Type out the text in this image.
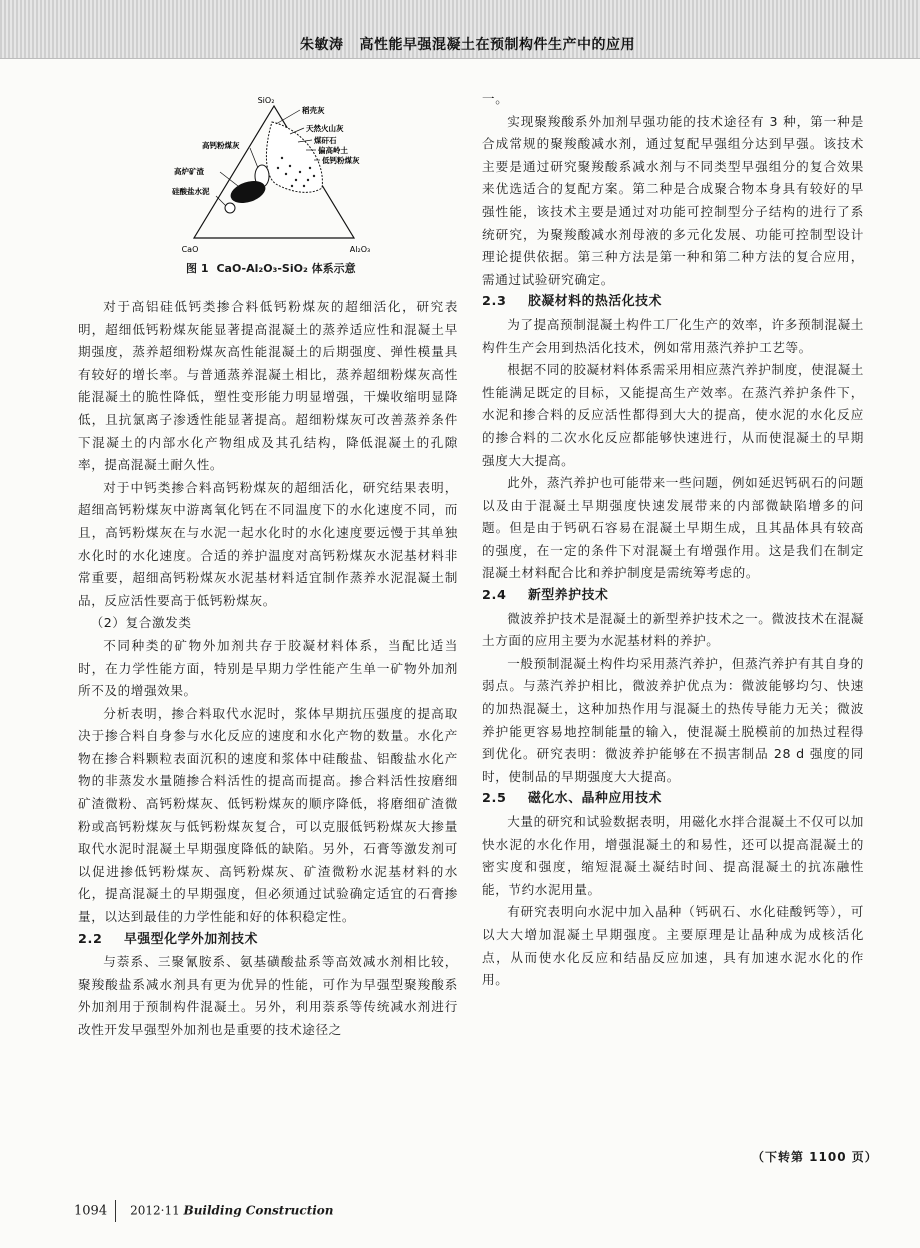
朱敏涛 高性能早强混凝土在预制构件生产中的应用
SiO₂
CaO	Al₂O₃
稻壳灰
天然火山灰
煤矸石
偏高岭土
低钙粉煤灰
高钙粉煤灰
高炉矿渣
硅酸盐水泥
图 1 CaO-Al₂O₃-SiO₂ 体系示意

对于高铝硅低钙类掺合料低钙粉煤灰的超细活化，研究表明，超细低钙粉煤灰能显著提高混凝土的蒸养适应性和混凝土早期强度，蒸养超细粉煤灰高性能混凝土的后期强度、弹性模量具有较好的增长率。与普通蒸养混凝土相比，蒸养超细粉煤灰高性能混凝土的脆性降低，塑性变形能力明显增强，干燥收缩明显降低，且抗氯离子渗透性能显著提高。超细粉煤灰可改善蒸养条件下混凝土的内部水化产物组成及其孔结构，降低混凝土的孔隙率，提高混凝土耐久性。

对于中钙类掺合料高钙粉煤灰的超细活化，研究结果表明，超细高钙粉煤灰中游离氧化钙在不同温度下的水化速度不同，而且，高钙粉煤灰在与水泥一起水化时的水化速度要远慢于其单独水化时的水化速度。合适的养护温度对高钙粉煤灰水泥基材料非常重要，超细高钙粉煤灰水泥基材料适宜制作蒸养水泥混凝土制品，反应活性要高于低钙粉煤灰。

（2）复合激发类

不同种类的矿物外加剂共存于胶凝材料体系，当配比适当时，在力学性能方面，特别是早期力学性能产生单一矿物外加剂所不及的增强效果。

分析表明，掺合料取代水泥时，浆体早期抗压强度的提高取决于掺合料自身参与水化反应的速度和水化产物的数量。水化产物在掺合料颗粒表面沉积的速度和浆体中硅酸盐、铝酸盐水化产物的非蒸发水量随掺合料活性的提高而提高。掺合料活性按磨细矿渣微粉、高钙粉煤灰、低钙粉煤灰的顺序降低，将磨细矿渣微粉或高钙粉煤灰与低钙粉煤灰复合，可以克服低钙粉煤灰大掺量取代水泥时混凝土早期强度降低的缺陷。另外，石膏等激发剂可以促进掺低钙粉煤灰、高钙粉煤灰、矿渣微粉水泥基材料的水化，提高混凝土的早期强度，但必须通过试验确定适宜的石膏掺量，以达到最佳的力学性能和好的体积稳定性。

2.2 早强型化学外加剂技术

与萘系、三聚氰胺系、氨基磺酸盐系等高效减水剂相比较，聚羧酸盐系减水剂具有更为优异的性能，可作为早强型聚羧酸系外加剂用于预制构件混凝土。另外，利用萘系等传统减水剂进行改性开发早强型外加剂也是重要的技术途径之

一。

实现聚羧酸系外加剂早强功能的技术途径有 3 种，第一种是合成常规的聚羧酸减水剂，通过复配早强组分达到早强。该技术主要是通过研究聚羧酸系减水剂与不同类型早强组分的复合效果来优选适合的复配方案。第二种是合成聚合物本身具有较好的早强性能，该技术主要是通过对功能可控制型分子结构的进行了系统研究，为聚羧酸减水剂母液的多元化发展、功能可控制型设计理论提供依据。第三种方法是第一种和第二种方法的复合应用，需通过试验研究确定。

2.3 胶凝材料的热活化技术

为了提高预制混凝土构件工厂化生产的效率，许多预制混凝土构件生产会用到热活化技术，例如常用蒸汽养护工艺等。

根据不同的胶凝材料体系需采用相应蒸汽养护制度，使混凝土性能满足既定的目标，又能提高生产效率。在蒸汽养护条件下，水泥和掺合料的反应活性都得到大大的提高，使水泥的水化反应的掺合料的二次水化反应都能够快速进行，从而使混凝土的早期强度大大提高。

此外，蒸汽养护也可能带来一些问题，例如延迟钙矾石的问题以及由于混凝土早期强度快速发展带来的内部微缺陷增多的问题。但是由于钙矾石容易在混凝土早期生成，且其晶体具有较高的强度，在一定的条件下对混凝土有增强作用。这是我们在制定混凝土材料配合比和养护制度是需统筹考虑的。

2.4 新型养护技术

微波养护技术是混凝土的新型养护技术之一。微波技术在混凝土方面的应用主要为水泥基材料的养护。

一般预制混凝土构件均采用蒸汽养护，但蒸汽养护有其自身的弱点。与蒸汽养护相比，微波养护优点为：微波能够均匀、快速的加热混凝土，这种加热作用与混凝土的热传导能力无关；微波养护能更容易地控制能量的输入，使混凝土脱模前的加热过程得到优化。研究表明：微波养护能够在不损害制品 28 d 强度的同时，使制品的早期强度大大提高。

2.5 磁化水、晶种应用技术

大量的研究和试验数据表明，用磁化水拌合混凝土不仅可以加快水泥的水化作用，增强混凝土的和易性，还可以提高混凝土的密实度和强度，缩短混凝土凝结时间、提高混凝土的抗冻融性能，节约水泥用量。

有研究表明向水泥中加入晶种（钙矾石、水化硅酸钙等），可以大大增加混凝土早期强度。主要原理是让晶种成为成核活化点，从而使水化反应和结晶反应加速，具有加速水泥水化的作用。

（下转第 1100 页）
1094 2012·11 Building Construction
